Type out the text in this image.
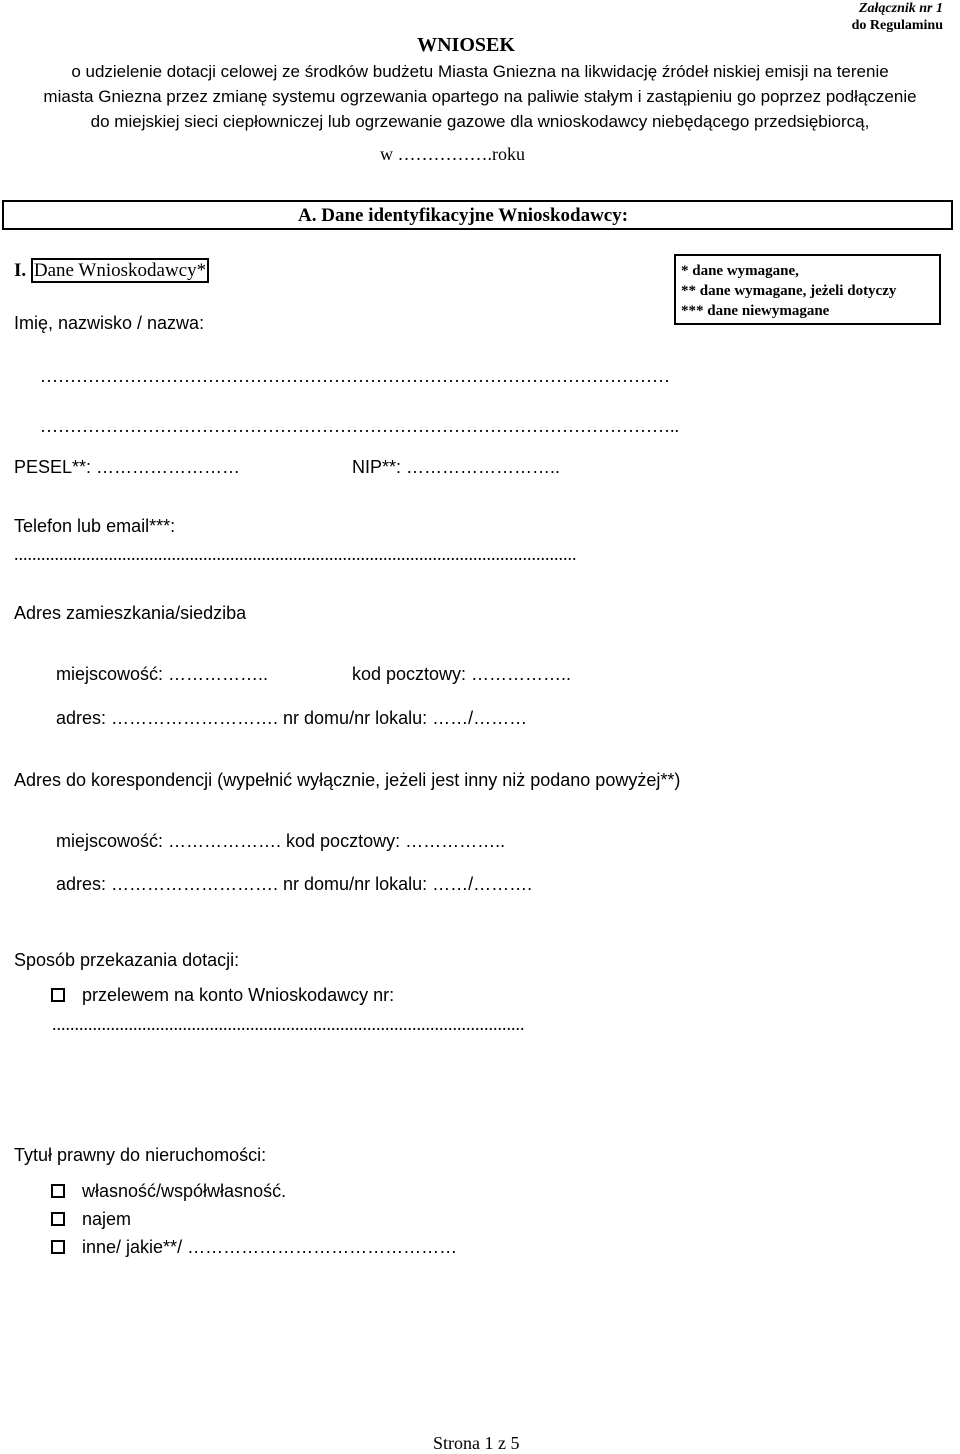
Załącznik nr 1
do Regulaminu
WNIOSEK
o udzielenie dotacji celowej ze środków budżetu Miasta Gniezna na likwidację źródeł niskiej emisji na terenie
miasta Gniezna przez zmianę systemu ogrzewania opartego na paliwie stałym i zastąpieniu go poprzez podłączenie
do miejskiej sieci ciepłowniczej lub ogrzewanie gazowe dla wnioskodawcy niebędącego przedsiębiorcą,
w …………….roku
A. Dane identyfikacyjne Wnioskodawcy:
I. Dane Wnioskodawcy*	* dane wymagane,
** dane wymagane, jeżeli dotyczy
*** dane niewymagane
Imię, nazwisko / nazwa:
……………………………………………………………………………………………
……………………………………………………………………………………………..
PESEL**: ……………………	NIP**: ……………………..
Telefon lub email***:
.............................................................................................................................
Adres zamieszkania/siedziba
miejscowość: ……………..	kod pocztowy: ……………..
adres: ………………………. nr domu/nr lokalu: ……/………
Adres do korespondencji (wypełnić wyłącznie, jeżeli jest inny niż podano powyżej**)
miejscowość: ………………. kod pocztowy: ……………..
adres: ………………………. nr domu/nr lokalu: ……/……….
Sposób przekazania dotacji:
przelewem na konto Wnioskodawcy nr:
.........................................................................................................
Tytuł prawny do nieruchomości:
własność/współwłasność.
najem
inne/ jakie**/ ………………………………………
Strona 1 z 5
